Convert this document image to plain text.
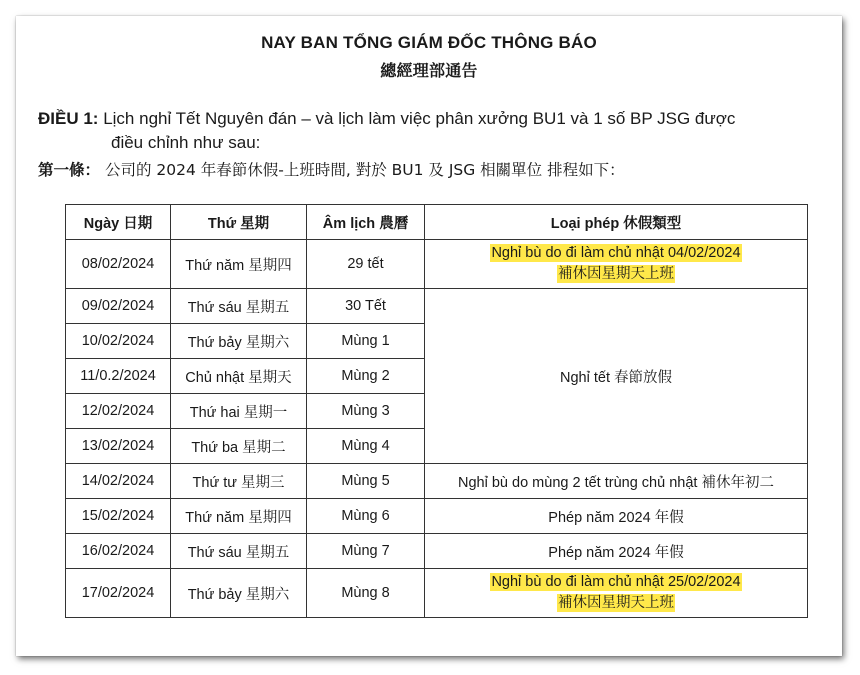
NAY BAN TỔNG GIÁM ĐỐC THÔNG BÁO
總經理部通告
ĐIỀU 1: Lịch nghỉ Tết Nguyên đán – và lịch làm việc phân xưởng BU1 và 1 số BP JSG được
điều chỉnh như sau:
第一條： 公司的 2024 年春節休假-上班時間, 對於 BU1 及 JSG 相關單位 排程如下：
Ngày 日期	Thứ 星期	Âm lịch 農曆	Loại phép 休假類型
08/02/2024	Thứ năm 星期四	29 tết	Nghỉ bù do đi làm chủ nhật 04/02/2024
補休因星期天上班
09/02/2024	Thứ sáu 星期五	30 Tết	Nghỉ tết 春節放假
10/02/2024	Thứ bảy 星期六	Mùng 1	
11/0.2/2024	Chủ nhật 星期天	Mùng 2	
12/02/2024	Thứ hai 星期一	Mùng 3	
13/02/2024	Thứ ba 星期二	Mùng 4	
14/02/2024	Thứ tư 星期三	Mùng 5	Nghỉ bù do mùng 2 tết trùng chủ nhật 補休年初二
15/02/2024	Thứ năm 星期四	Mùng 6	Phép năm 2024 年假
16/02/2024	Thứ sáu 星期五	Mùng 7	Phép năm 2024 年假
17/02/2024	Thứ bảy 星期六	Mùng 8	Nghỉ bù do đi làm chủ nhật 25/02/2024
補休因星期天上班
